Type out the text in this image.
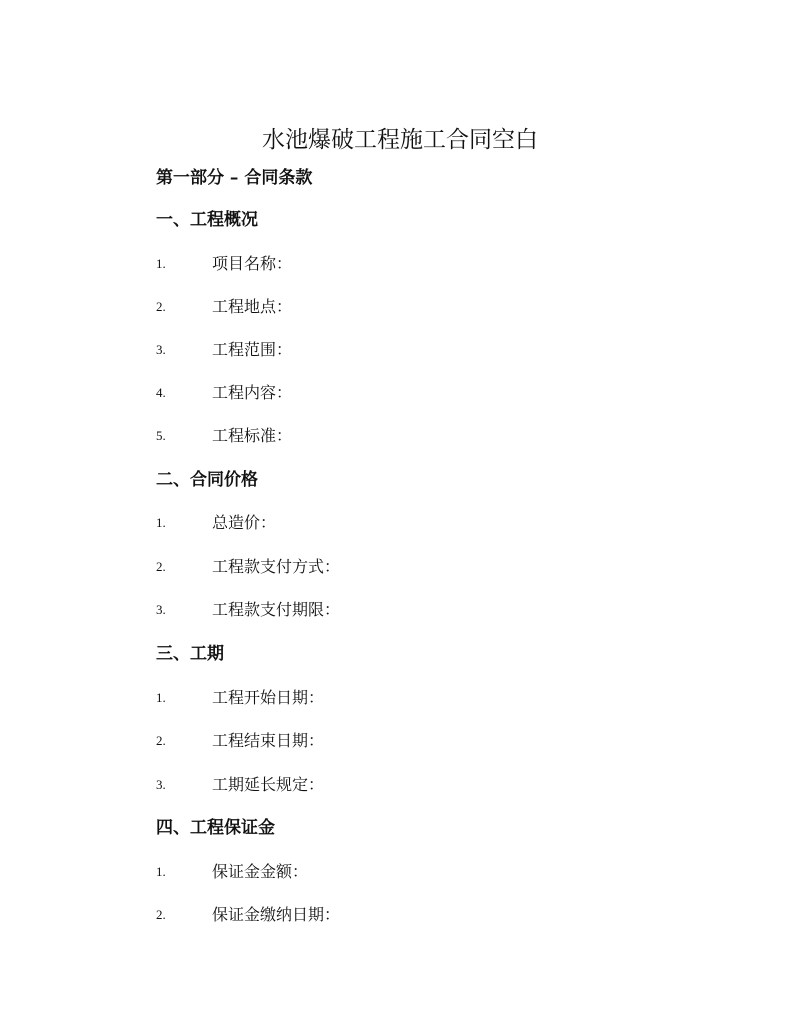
水池爆破工程施工合同空白
第一部分 – 合同条款
一、工程概况
1.	项目名称：
2.	工程地点：
3.	工程范围：
4.	工程内容：
5.	工程标准：
二、合同价格
1.	总造价：
2.	工程款支付方式：
3.	工程款支付期限：
三、工期
1.	工程开始日期：
2.	工程结束日期：
3.	工期延长规定：
四、工程保证金
1.	保证金金额：
2.	保证金缴纳日期：
